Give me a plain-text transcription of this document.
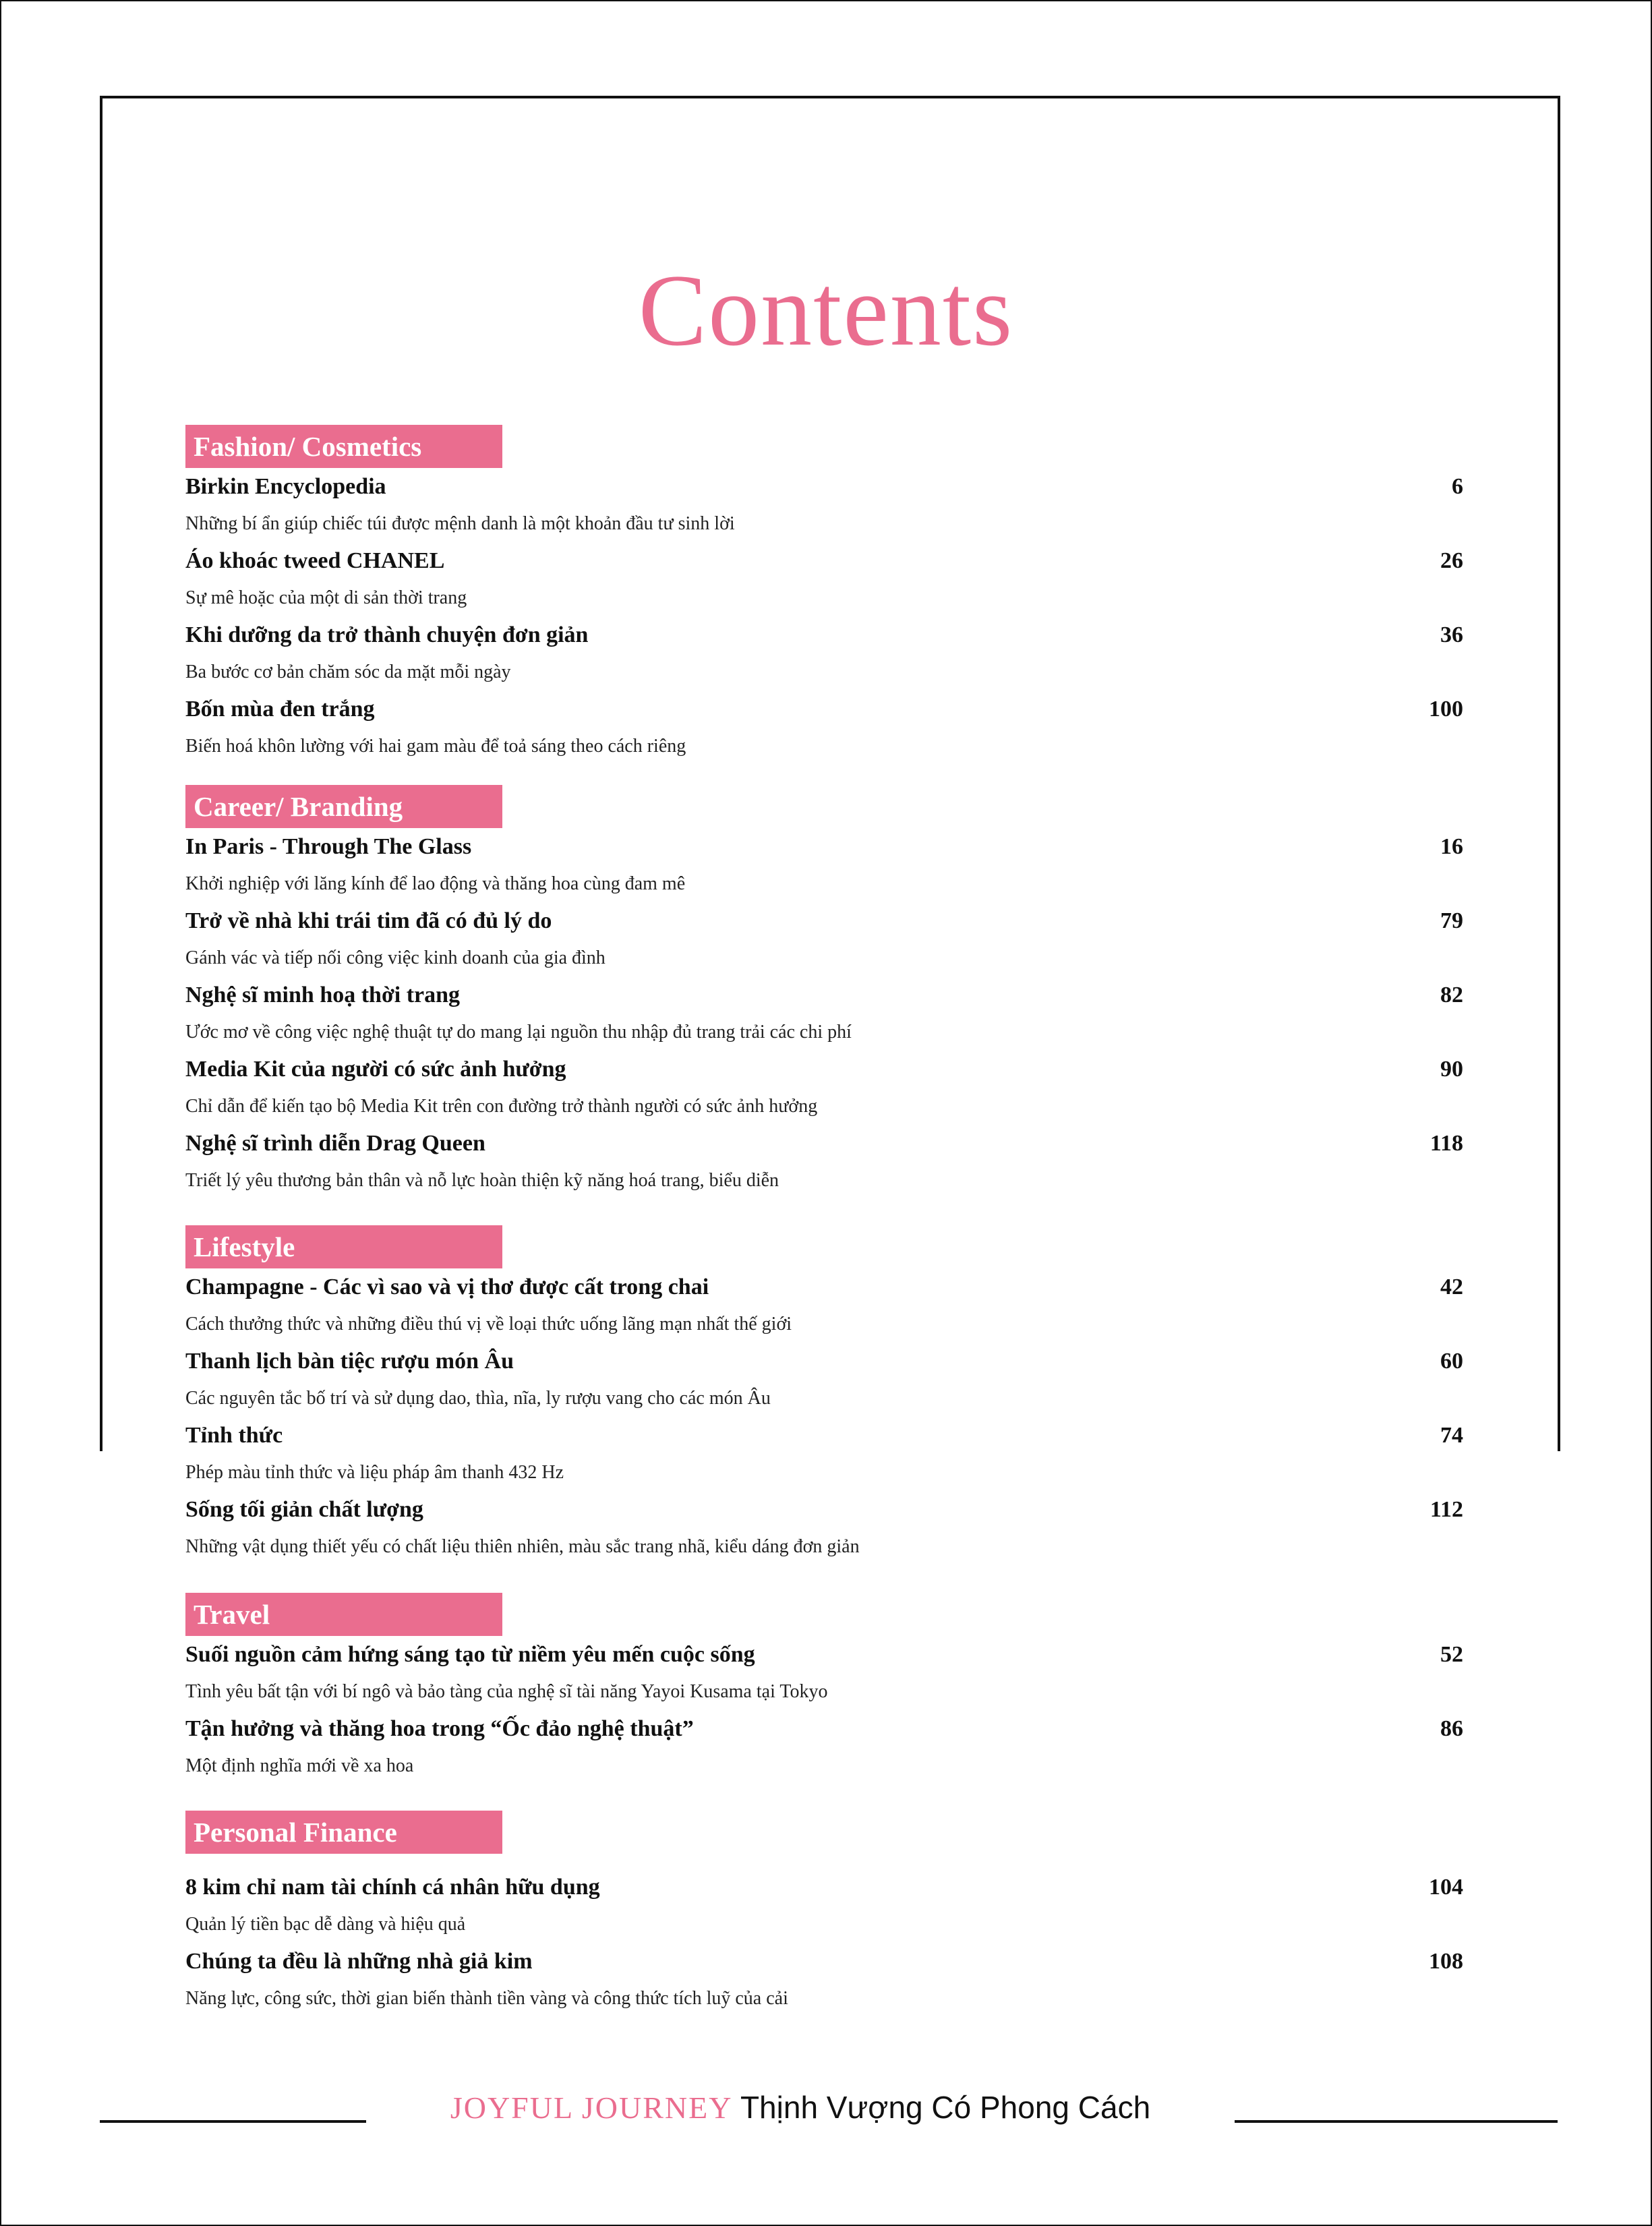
Contents
Fashion/ Cosmetics
Birkin Encyclopedia	6
Những bí ẩn giúp chiếc túi được mệnh danh là một khoản đầu tư sinh lời
Áo khoác tweed CHANEL	26
Sự mê hoặc của một di sản thời trang
Khi dưỡng da trở thành chuyện đơn giản	36
Ba bước cơ bản chăm sóc da mặt mỗi ngày
Bốn mùa đen trắng	100
Biến hoá khôn lường với hai gam màu để toả sáng theo cách riêng
Career/ Branding
In Paris - Through The Glass	16
Khởi nghiệp với lăng kính để lao động và thăng hoa cùng đam mê
Trở về nhà khi trái tim đã có đủ lý do	79
Gánh vác và tiếp nối công việc kinh doanh của gia đình
Nghệ sĩ minh hoạ thời trang	82
Ước mơ về công việc nghệ thuật tự do mang lại nguồn thu nhập đủ trang trải các chi phí
Media Kit của người có sức ảnh hưởng	90
Chỉ dẫn để kiến tạo bộ Media Kit trên con đường trở thành người có sức ảnh hưởng
Nghệ sĩ trình diễn Drag Queen	118
Triết lý yêu thương bản thân và nỗ lực hoàn thiện kỹ năng hoá trang, biểu diễn
Lifestyle
Champagne - Các vì sao và vị thơ được cất trong chai	42
Cách thưởng thức và những điều thú vị về loại thức uống lãng mạn nhất thế giới
Thanh lịch bàn tiệc rượu món Âu	60
Các nguyên tắc bố trí và sử dụng dao, thìa, nĩa, ly rượu vang cho các món Âu
Tỉnh thức	74
Phép màu tỉnh thức và liệu pháp âm thanh 432 Hz
Sống tối giản chất lượng	112
Những vật dụng thiết yếu có chất liệu thiên nhiên, màu sắc trang nhã, kiểu dáng đơn giản
Travel
Suối nguồn cảm hứng sáng tạo từ niềm yêu mến cuộc sống	52
Tình yêu bất tận với bí ngô và bảo tàng của nghệ sĩ tài năng Yayoi Kusama tại Tokyo
Tận hưởng và thăng hoa trong “Ốc đảo nghệ thuật”	86
Một định nghĩa mới về xa hoa
Personal Finance
8 kim chỉ nam tài chính cá nhân hữu dụng	104
Quản lý tiền bạc dễ dàng và hiệu quả
Chúng ta đều là những nhà giả kim	108
Năng lực, công sức, thời gian biến thành tiền vàng và công thức tích luỹ của cải
JOYFUL JOURNEY Thịnh Vượng Có Phong Cách
